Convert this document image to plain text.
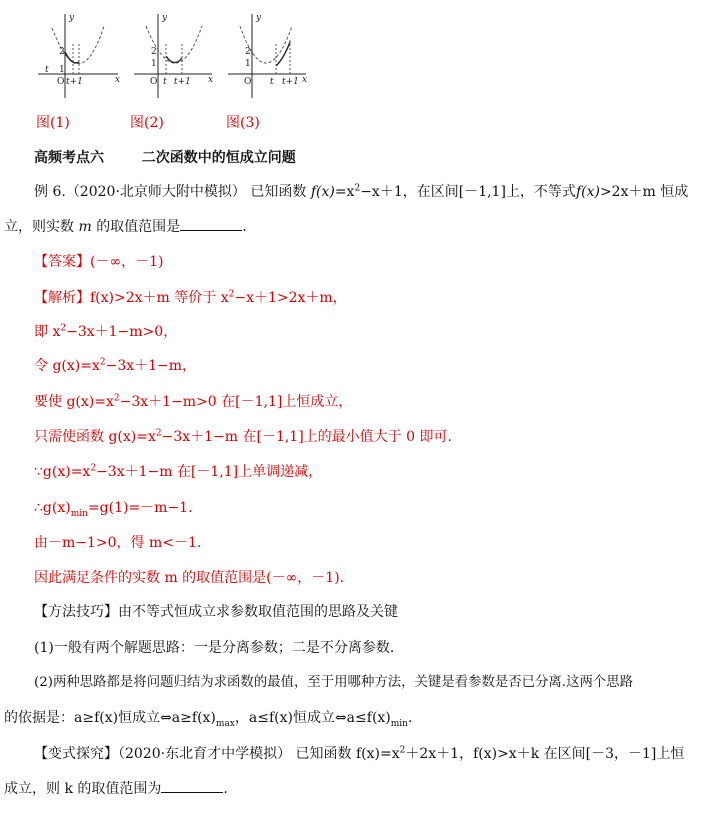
y
x
O
2
1
t
t+1
y
x
O
2
1
t t+1
y
x
O
2
1
t t+1
图(1)	图(2)	图(3)
高频考点六	二次函数中的恒成立问题
例 6.（2020·北京师大附中模拟） 已知函数 $f(x)=x^2-x+1$，在区间[－1,1]上，不等式f(x)>2x＋m 恒成
立，则实数 m 的取值范围是	.
【答案】(－∞，－1)
【解析】f(x)>2x＋m 等价于 $x^2-x+1>2x+m$，
即 $x^2-3x+1-m>0$，
令 $g(x)=x^2-3x+1-m$，
要使 $g(x)=x^2-3x+1-m>0$ 在[－1,1]上恒成立，
只需使函数 $g(x)=x^2-3x+1-m$ 在[－1,1]上的最小值大于 0 即可.
$\because g(x)=x^2-3x+1-m$ 在[－1,1]上单调递减，
$\therefore g(x)_{min}=g(1)=-m-1$.
由－m−1>0，得 m<－1.
因此满足条件的实数 m 的取值范围是(－∞，－1).
【方法技巧】由不等式恒成立求参数取值范围的思路及关键
(1)一般有两个解题思路：一是分离参数；二是不分离参数.
(2)两种思路都是将问题归结为求函数的最值，至于用哪种方法，关键是看参数是否已分离.这两个思路
的依据是：a≥f(x)恒成立$\Leftrightarrow a\ge f(x)_{max}$，a≤f(x)恒成立$\Leftrightarrow a\le f(x)_{min}$.
【变式探究】（2020·东北育才中学模拟） 已知函数 $f(x)=x^2+2x+1$，f(x)>x＋k 在区间[－3，－1]上恒
成立，则 k 的取值范围为	.
